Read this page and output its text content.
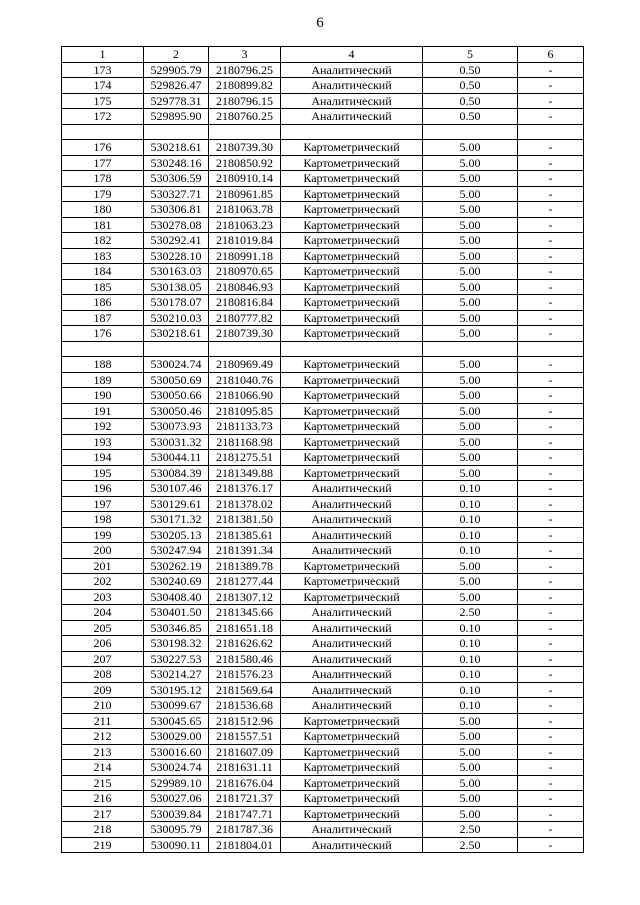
6
1	2	3	4	5	6
173	529905.79	2180796.25	Аналитический	0.50	-
174	529826.47	2180899.82	Аналитический	0.50	-
175	529778.31	2180796.15	Аналитический	0.50	-
172	529895.90	2180760.25	Аналитический	0.50	-

176	530218.61	2180739.30	Картометрический	5.00	-
177	530248.16	2180850.92	Картометрический	5.00	-
178	530306.59	2180910.14	Картометрический	5.00	-
179	530327.71	2180961.85	Картометрический	5.00	-
180	530306.81	2181063.78	Картометрический	5.00	-
181	530278.08	2181063.23	Картометрический	5.00	-
182	530292.41	2181019.84	Картометрический	5.00	-
183	530228.10	2180991.18	Картометрический	5.00	-
184	530163.03	2180970.65	Картометрический	5.00	-
185	530138.05	2180846.93	Картометрический	5.00	-
186	530178.07	2180816.84	Картометрический	5.00	-
187	530210.03	2180777.82	Картометрический	5.00	-
176	530218.61	2180739.30	Картометрический	5.00	-

188	530024.74	2180969.49	Картометрический	5.00	-
189	530050.69	2181040.76	Картометрический	5.00	-
190	530050.66	2181066.90	Картометрический	5.00	-
191	530050.46	2181095.85	Картометрический	5.00	-
192	530073.93	2181133.73	Картометрический	5.00	-
193	530031.32	2181168.98	Картометрический	5.00	-
194	530044.11	2181275.51	Картометрический	5.00	-
195	530084.39	2181349.88	Картометрический	5.00	-
196	530107.46	2181376.17	Аналитический	0.10	-
197	530129.61	2181378.02	Аналитический	0.10	-
198	530171.32	2181381.50	Аналитический	0.10	-
199	530205.13	2181385.61	Аналитический	0.10	-
200	530247.94	2181391.34	Аналитический	0.10	-
201	530262.19	2181389.78	Картометрический	5.00	-
202	530240.69	2181277.44	Картометрический	5.00	-
203	530408.40	2181307.12	Картометрический	5.00	-
204	530401.50	2181345.66	Аналитический	2.50	-
205	530346.85	2181651.18	Аналитический	0.10	-
206	530198.32	2181626.62	Аналитический	0.10	-
207	530227.53	2181580.46	Аналитический	0.10	-
208	530214.27	2181576.23	Аналитический	0.10	-
209	530195.12	2181569.64	Аналитический	0.10	-
210	530099.67	2181536.68	Аналитический	0.10	-
211	530045.65	2181512.96	Картометрический	5.00	-
212	530029.00	2181557.51	Картометрический	5.00	-
213	530016.60	2181607.09	Картометрический	5.00	-
214	530024.74	2181631.11	Картометрический	5.00	-
215	529989.10	2181676.04	Картометрический	5.00	-
216	530027.06	2181721.37	Картометрический	5.00	-
217	530039.84	2181747.71	Картометрический	5.00	-
218	530095.79	2181787.36	Аналитический	2.50	-
219	530090.11	2181804.01	Аналитический	2.50	-
